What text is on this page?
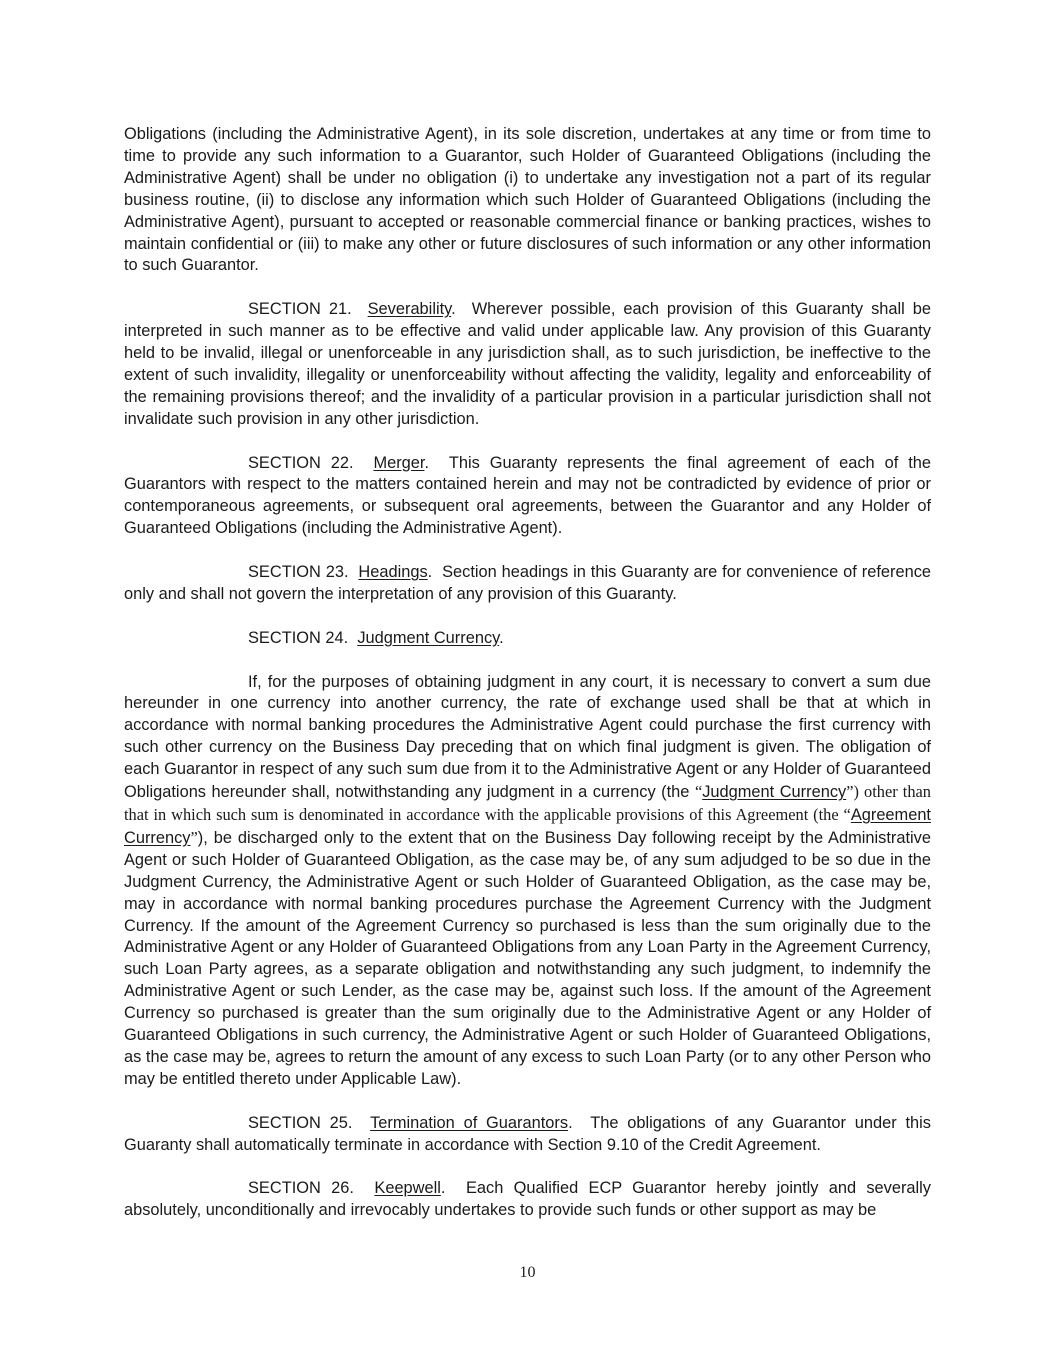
Obligations (including the Administrative Agent), in its sole discretion, undertakes at any time or from time to time to provide any such information to a Guarantor, such Holder of Guaranteed Obligations (including the Administrative Agent) shall be under no obligation (i) to undertake any investigation not a part of its regular business routine, (ii) to disclose any information which such Holder of Guaranteed Obligations (including the Administrative Agent), pursuant to accepted or reasonable commercial finance or banking practices, wishes to maintain confidential or (iii) to make any other or future disclosures of such information or any other information to such Guarantor.

SECTION 21. Severability.  Wherever possible, each provision of this Guaranty shall be interpreted in such manner as to be effective and valid under applicable law. Any provision of this Guaranty held to be invalid, illegal or unenforceable in any jurisdiction shall, as to such jurisdiction, be ineffective to the extent of such invalidity, illegality or unenforceability without affecting the validity, legality and enforceability of the remaining provisions thereof; and the invalidity of a particular provision in a particular jurisdiction shall not invalidate such provision in any other jurisdiction.

SECTION 22. Merger.  This Guaranty represents the final agreement of each of the Guarantors with respect to the matters contained herein and may not be contradicted by evidence of prior or contemporaneous agreements, or subsequent oral agreements, between the Guarantor and any Holder of Guaranteed Obligations (including the Administrative Agent).

SECTION 23. Headings.  Section headings in this Guaranty are for convenience of reference only and shall not govern the interpretation of any provision of this Guaranty.

SECTION 24. Judgment Currency.

If, for the purposes of obtaining judgment in any court, it is necessary to convert a sum due hereunder in one currency into another currency, the rate of exchange used shall be that at which in accordance with normal banking procedures the Administrative Agent could purchase the first currency with such other currency on the Business Day preceding that on which final judgment is given. The obligation of each Guarantor in respect of any such sum due from it to the Administrative Agent or any Holder of Guaranteed Obligations hereunder shall, notwithstanding any judgment in a currency (the “Judgment Currency”) other than that in which such sum is denominated in accordance with the applicable provisions of this Agreement (the “Agreement Currency”), be discharged only to the extent that on the Business Day following receipt by the Administrative Agent or such Holder of Guaranteed Obligation, as the case may be, of any sum adjudged to be so due in the Judgment Currency, the Administrative Agent or such Holder of Guaranteed Obligation, as the case may be, may in accordance with normal banking procedures purchase the Agreement Currency with the Judgment Currency. If the amount of the Agreement Currency so purchased is less than the sum originally due to the Administrative Agent or any Holder of Guaranteed Obligations from any Loan Party in the Agreement Currency, such Loan Party agrees, as a separate obligation and notwithstanding any such judgment, to indemnify the Administrative Agent or such Lender, as the case may be, against such loss. If the amount of the Agreement Currency so purchased is greater than the sum originally due to the Administrative Agent or any Holder of Guaranteed Obligations in such currency, the Administrative Agent or such Holder of Guaranteed Obligations, as the case may be, agrees to return the amount of any excess to such Loan Party (or to any other Person who may be entitled thereto under Applicable Law).

SECTION 25. Termination of Guarantors.  The obligations of any Guarantor under this Guaranty shall automatically terminate in accordance with Section 9.10 of the Credit Agreement.

SECTION 26. Keepwell.  Each Qualified ECP Guarantor hereby jointly and severally absolutely, unconditionally and irrevocably undertakes to provide such funds or other support as may be

10
